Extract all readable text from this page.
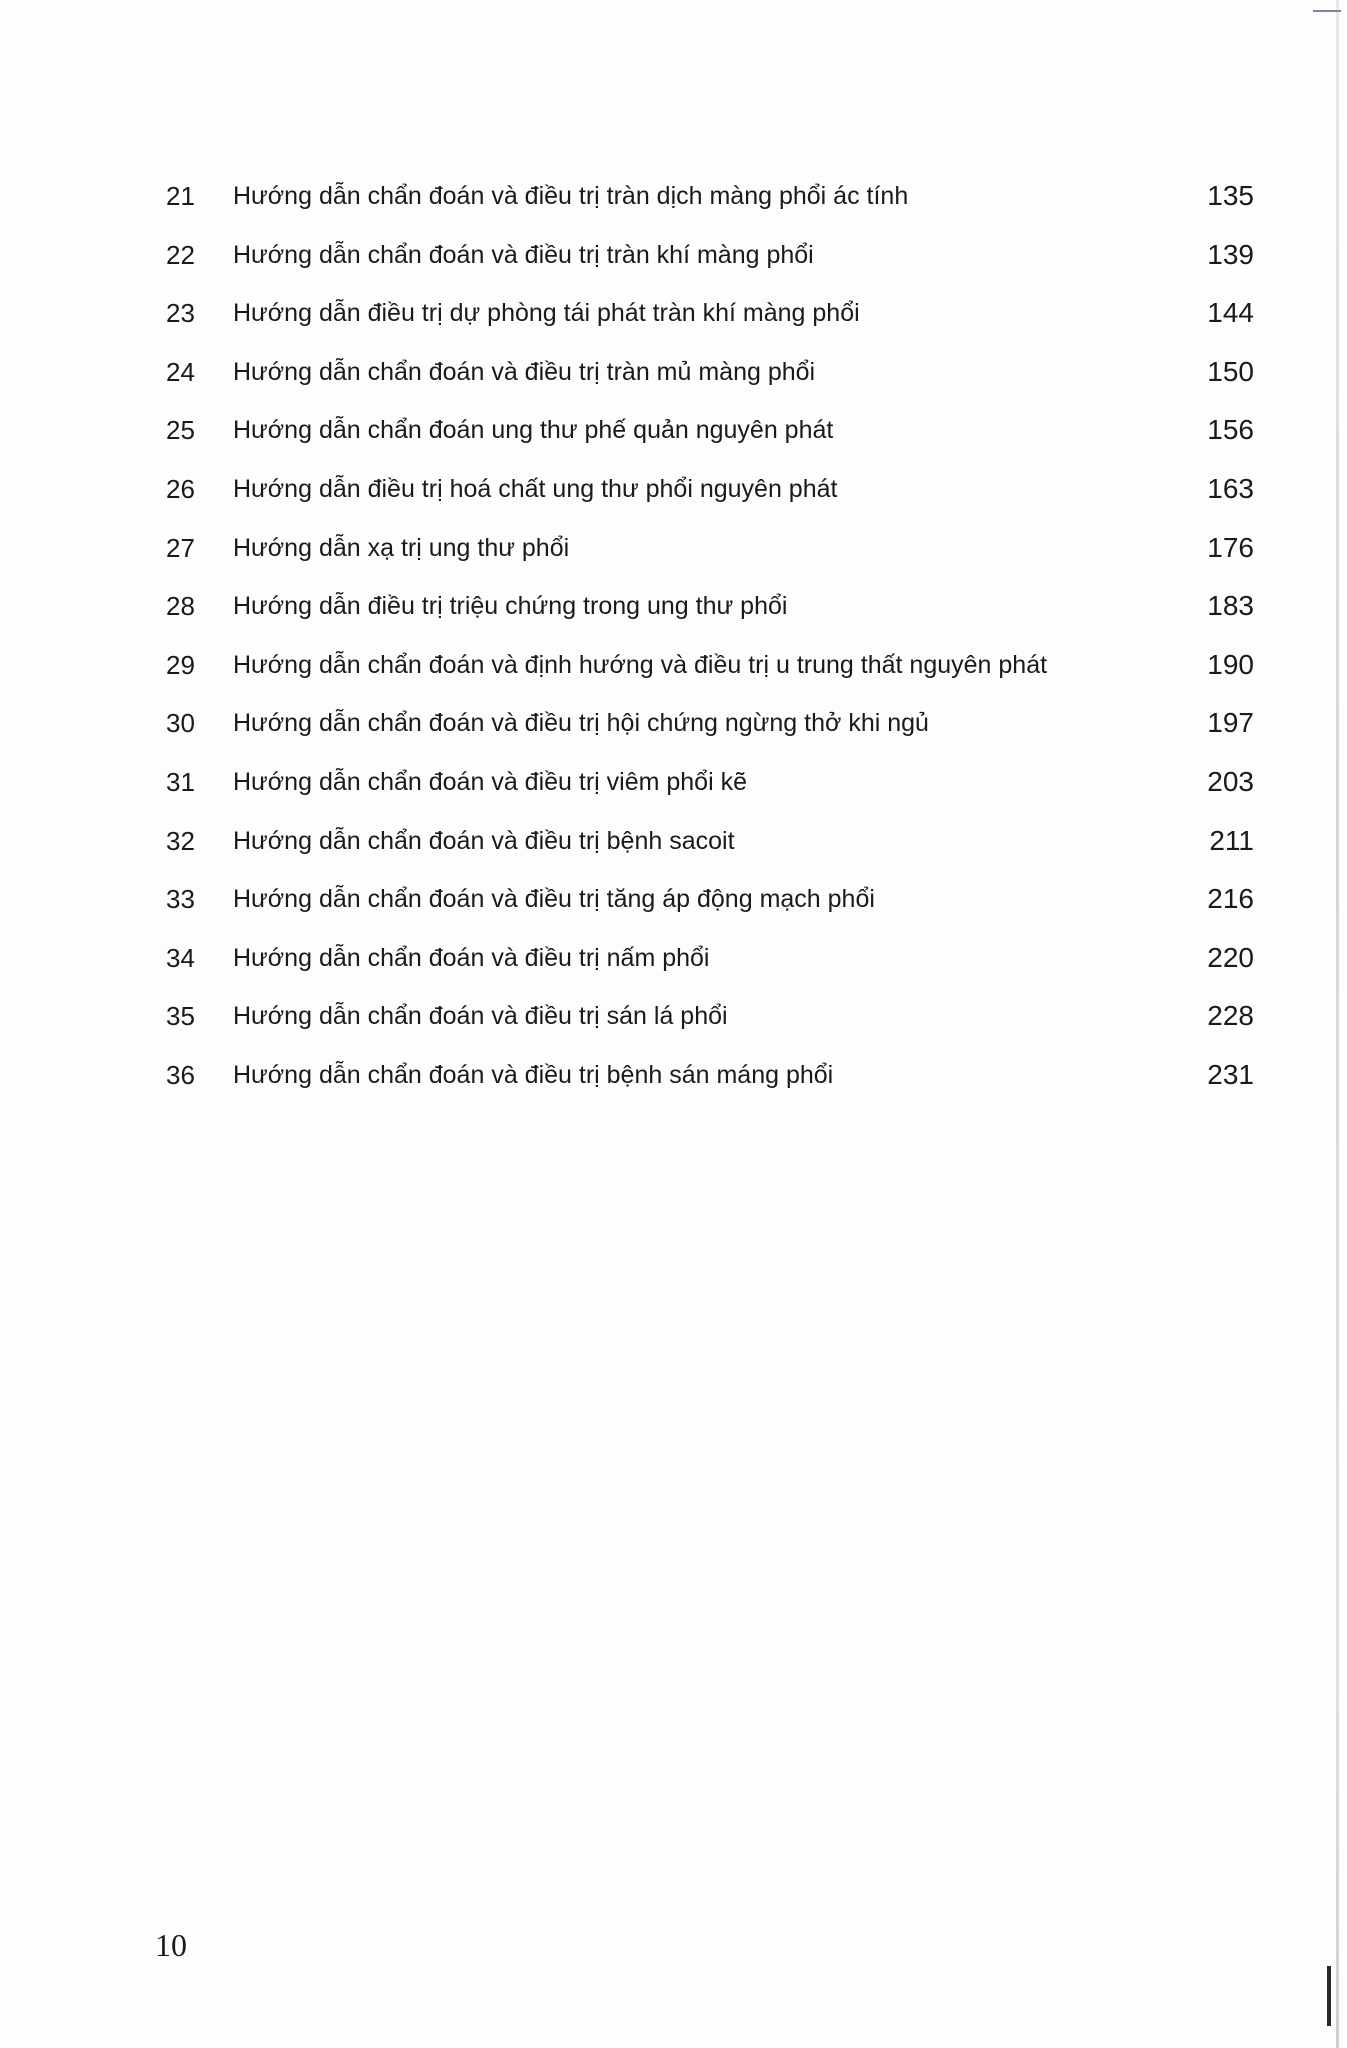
21 Hướng dẫn chẩn đoán và điều trị tràn dịch màng phổi ác tính	135
22 Hướng dẫn chẩn đoán và điều trị tràn khí màng phổi	139
23 Hướng dẫn điều trị dự phòng tái phát tràn khí màng phổi	144
24 Hướng dẫn chẩn đoán và điều trị tràn mủ màng phổi	150
25 Hướng dẫn chẩn đoán ung thư phế quản nguyên phát	156
26 Hướng dẫn điều trị hoá chất ung thư phổi nguyên phát	163
27 Hướng dẫn xạ trị ung thư phổi	176
28 Hướng dẫn điều trị triệu chứng trong ung thư phổi	183
29 Hướng dẫn chẩn đoán và định hướng và điều trị u trung thất nguyên phát	190
30 Hướng dẫn chẩn đoán và điều trị hội chứng ngừng thở khi ngủ	197
31 Hướng dẫn chẩn đoán và điều trị viêm phổi kẽ	203
32 Hướng dẫn chẩn đoán và điều trị bệnh sacoit	211
33 Hướng dẫn chẩn đoán và điều trị tăng áp động mạch phổi	216
34 Hướng dẫn chẩn đoán và điều trị nấm phổi	220
35 Hướng dẫn chẩn đoán và điều trị sán lá phổi	228
36 Hướng dẫn chẩn đoán và điều trị bệnh sán máng phổi	231
10
